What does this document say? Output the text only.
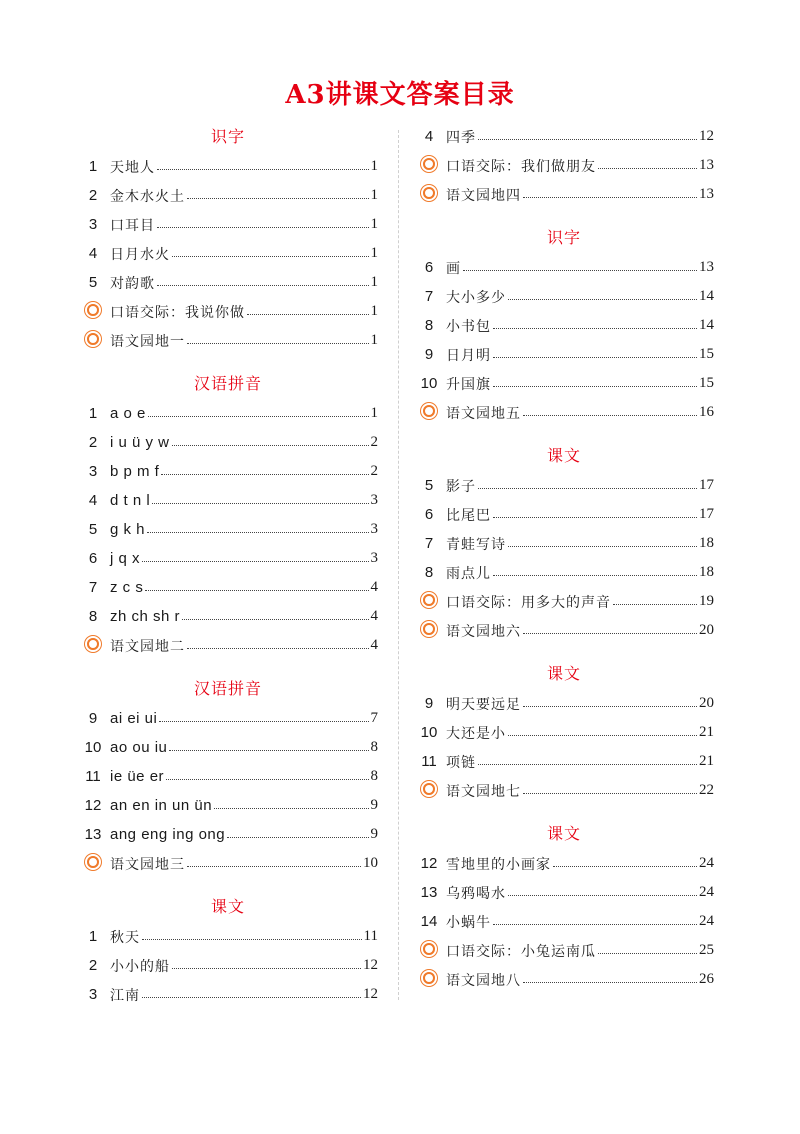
A3讲课文答案目录
识字
1 天地人	1
2 金木水火土	1
3 口耳目	1
4 日月水火	1
5 对韵歌	1
口语交际：我说你做	1
语文园地一	1
汉语拼音
1 a o e	1
2 i u ü y w	2
3 b p m f	2
4 d t n l	3
5 g k h	3
6 j q x	3
7 z c s	4
8 zh ch sh r	4
语文园地二	4
汉语拼音
9 ai ei ui	7
10 ao ou iu	8
11 ie üe er	8
12 an en in un ün	9
13 ang eng ing ong	9
语文园地三	10
课文
1 秋天	11
2 小小的船	12
3 江南	12
4 四季	12
口语交际：我们做朋友	13
语文园地四	13
识字
6 画	13
7 大小多少	14
8 小书包	14
9 日月明	15
10 升国旗	15
语文园地五	16
课文
5 影子	17
6 比尾巴	17
7 青蛙写诗	18
8 雨点儿	18
口语交际：用多大的声音	19
语文园地六	20
课文
9 明天要远足	20
10 大还是小	21
11 项链	21
语文园地七	22
课文
12 雪地里的小画家	24
13 乌鸦喝水	24
14 小蜗牛	24
口语交际：小兔运南瓜	25
语文园地八	26
